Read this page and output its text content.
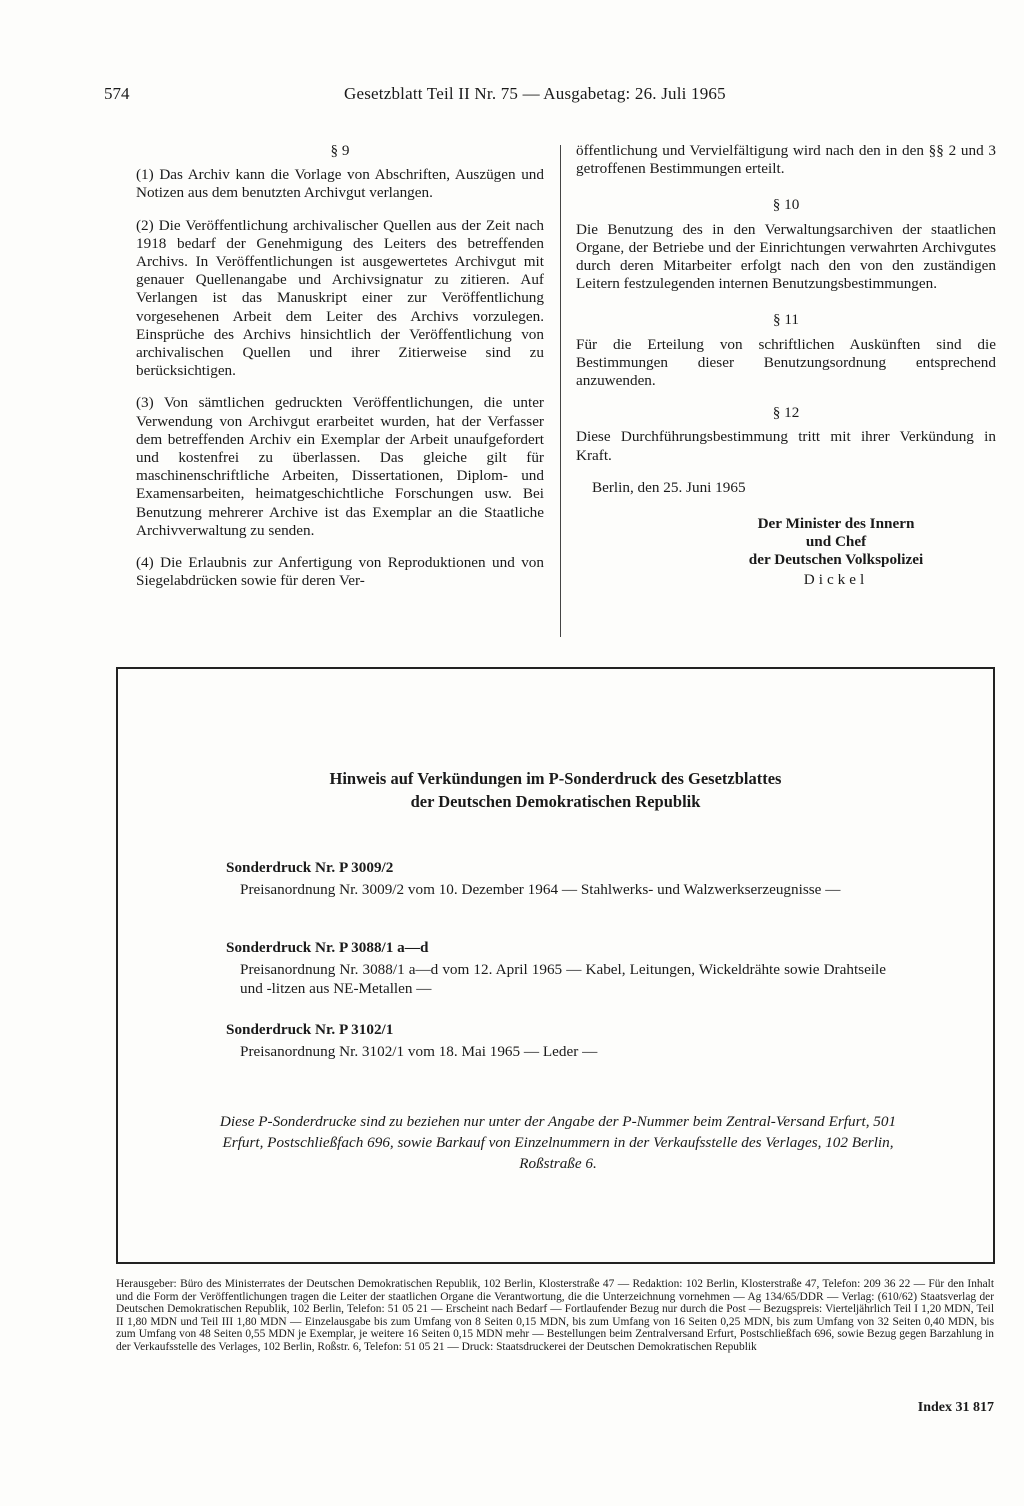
574	Gesetzblatt Teil II Nr. 75 — Ausgabetag: 26. Juli 1965
§ 9

(1) Das Archiv kann die Vorlage von Abschriften, Auszügen und Notizen aus dem benutzten Archivgut verlangen.

(2) Die Veröffentlichung archivalischer Quellen aus der Zeit nach 1918 bedarf der Genehmigung des Leiters des betreffenden Archivs. In Veröffentlichungen ist ausgewertetes Archivgut mit genauer Quellenangabe und Archivsignatur zu zitieren. Auf Verlangen ist das Manuskript einer zur Veröffentlichung vorgesehenen Arbeit dem Leiter des Archivs vorzulegen. Einsprüche des Archivs hinsichtlich der Veröffentlichung von archivalischen Quellen und ihrer Zitierweise sind zu berücksichtigen.

(3) Von sämtlichen gedruckten Veröffentlichungen, die unter Verwendung von Archivgut erarbeitet wurden, hat der Verfasser dem betreffenden Archiv ein Exemplar der Arbeit unaufgefordert und kostenfrei zu überlassen. Das gleiche gilt für maschinenschriftliche Arbeiten, Dissertationen, Diplom- und Examensarbeiten, heimatgeschichtliche Forschungen usw. Bei Benutzung mehrerer Archive ist das Exemplar an die Staatliche Archivverwaltung zu senden.

(4) Die Erlaubnis zur Anfertigung von Reproduktionen und von Siegelabdrücken sowie für deren Ver-

öffentlichung und Vervielfältigung wird nach den in den §§ 2 und 3 getroffenen Bestimmungen erteilt.

§ 10

Die Benutzung des in den Verwaltungsarchiven der staatlichen Organe, der Betriebe und der Einrichtungen verwahrten Archivgutes durch deren Mitarbeiter erfolgt nach den von den zuständigen Leitern festzulegenden internen Benutzungsbestimmungen.

§ 11

Für die Erteilung von schriftlichen Auskünften sind die Bestimmungen dieser Benutzungsordnung entsprechend anzuwenden.

§ 12

Diese Durchführungsbestimmung tritt mit ihrer Verkündung in Kraft.

Berlin, den 25. Juni 1965
Der Minister des Innern
und Chef
der Deutschen Volkspolizei
Dickel
Hinweis auf Verkündungen im P-Sonderdruck des Gesetzblattes
der Deutschen Demokratischen Republik
Sonderdruck Nr. P 3009/2
Preisanordnung Nr. 3009/2 vom 10. Dezember 1964 — Stahlwerks- und Walzwerkserzeugnisse —
Sonderdruck Nr. P 3088/1 a—d
Preisanordnung Nr. 3088/1 a—d vom 12. April 1965 — Kabel, Leitungen, Wickeldrähte sowie Drahtseile und -litzen aus NE-Metallen —
Sonderdruck Nr. P 3102/1
Preisanordnung Nr. 3102/1 vom 18. Mai 1965 — Leder —
Diese P-Sonderdrucke sind zu beziehen nur unter der Angabe der P-Nummer beim Zentral-Versand Erfurt, 501 Erfurt, Postschließfach 696, sowie Barkauf von Einzelnummern in der Verkaufsstelle des Verlages, 102 Berlin, Roßstraße 6.
Herausgeber: Büro des Ministerrates der Deutschen Demokratischen Republik, 102 Berlin, Klosterstraße 47 — Redaktion: 102 Berlin, Klosterstraße 47, Telefon: 209 36 22 — Für den Inhalt und die Form der Veröffentlichungen tragen die Leiter der staatlichen Organe die Verantwortung, die die Unterzeichnung vornehmen — Ag 134/65/DDR — Verlag: (610/62) Staatsverlag der Deutschen Demokratischen Republik, 102 Berlin, Telefon: 51 05 21 — Erscheint nach Bedarf — Fortlaufender Bezug nur durch die Post — Bezugspreis: Vierteljährlich Teil I 1,20 MDN, Teil II 1,80 MDN und Teil III 1,80 MDN — Einzelausgabe bis zum Umfang von 8 Seiten 0,15 MDN, bis zum Umfang von 16 Seiten 0,25 MDN, bis zum Umfang von 32 Seiten 0,40 MDN, bis zum Umfang von 48 Seiten 0,55 MDN je Exemplar, je weitere 16 Seiten 0,15 MDN mehr — Bestellungen beim Zentralversand Erfurt, Postschließfach 696, sowie Bezug gegen Barzahlung in der Verkaufsstelle des Verlages, 102 Berlin, Roßstr. 6, Telefon: 51 05 21 — Druck: Staatsdruckerei der Deutschen Demokratischen Republik
Index 31 817
